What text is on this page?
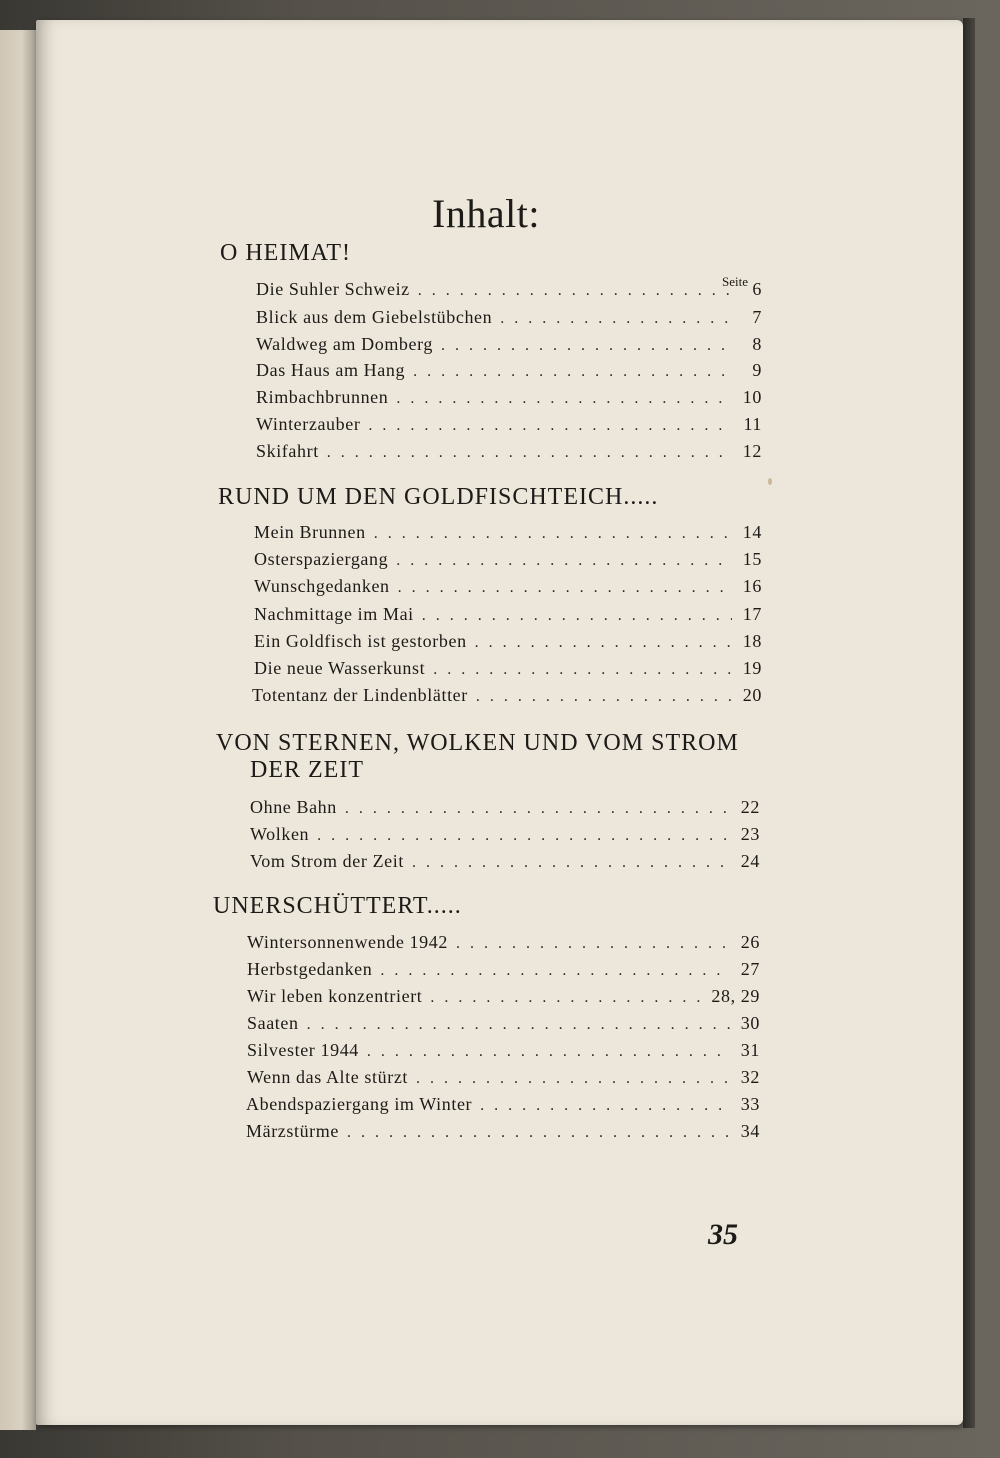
Inhalt:
O HEIMAT!
Seite
Die Suhler Schweiz . . .	6
Blick aus dem Giebelstübchen . . .	7
Waldweg am Domberg . . .	8
Das Haus am Hang . . .	9
Rimbachbrunnen . . .	10
Winterzauber . . .	11
Skifahrt . . .	12
RUND UM DEN GOLDFISCHTEICH.....
Mein Brunnen . . .	14
Osterspaziergang . . .	15
Wunschgedanken . . .	16
Nachmittage im Mai . . .	17
Ein Goldfisch ist gestorben . . .	18
Die neue Wasserkunst . . .	19
Totentanz der Lindenblätter . . .	20
VON STERNEN, WOLKEN UND VOM STROM
DER ZEIT
Ohne Bahn . . .	22
Wolken . . .	23
Vom Strom der Zeit . . .	24
UNERSCHÜTTERT.....
Wintersonnenwende 1942 . . .	26
Herbstgedanken . . .	27
Wir leben konzentriert . . .	28, 29
Saaten . . .	30
Silvester 1944 . . .	31
Wenn das Alte stürzt . . .	32
Abendspaziergang im Winter . . .	33
Märzstürme . . .	34
35
